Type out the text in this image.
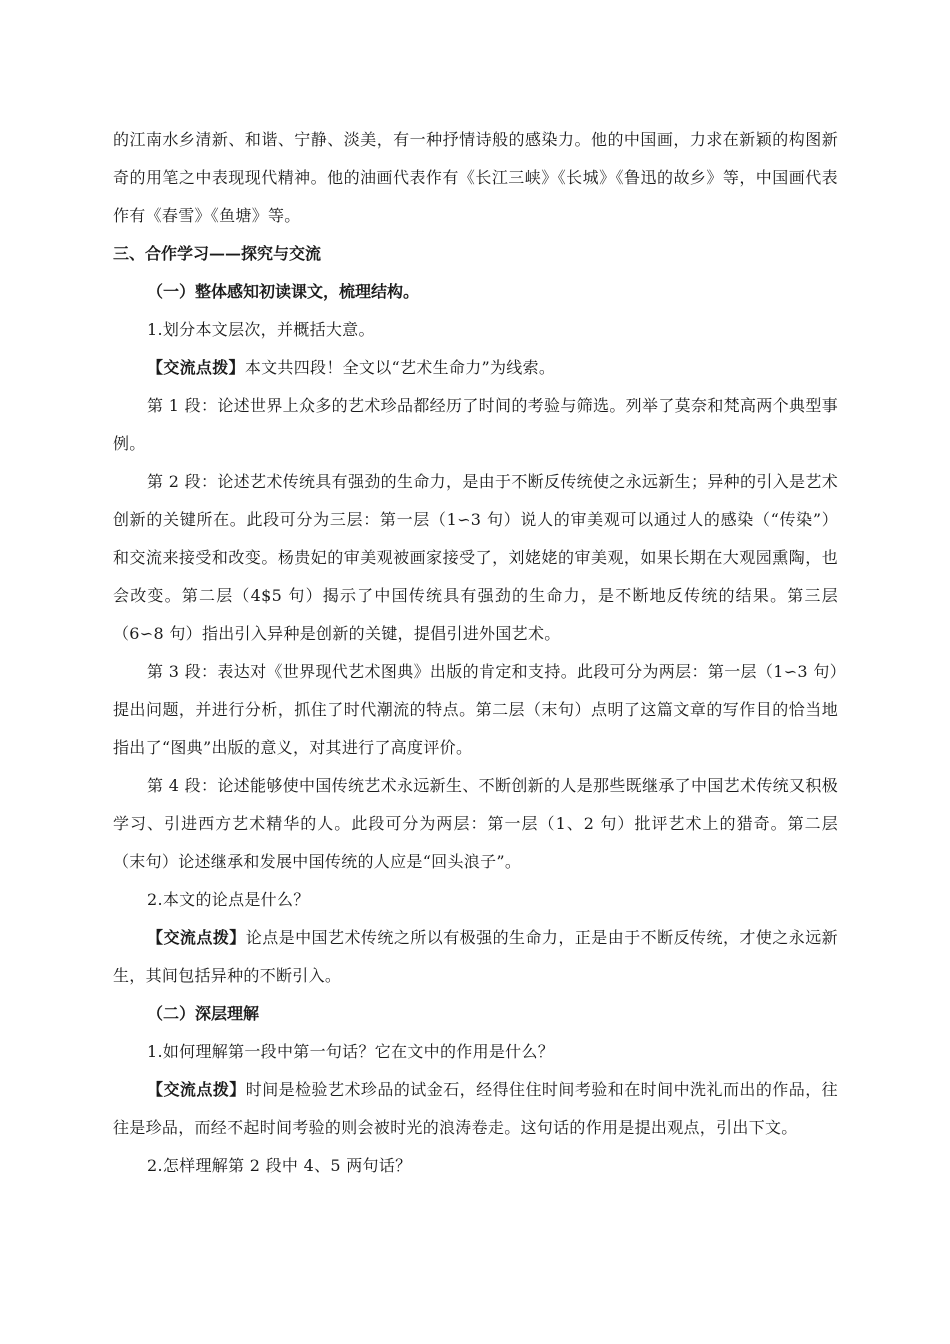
的江南水乡清新、和谐、宁静、淡美，有一种抒情诗般的感染力。他的中国画，力求在新颖的构图新奇的用笔之中表现现代精神。他的油画代表作有《长江三峡》《长城》《鲁迅的故乡》等，中国画代表作有《春雪》《鱼塘》等。

三、合作学习——探究与交流

（一）整体感知初读课文，梳理结构。

1.划分本文层次，并概括大意。

【交流点拨】本文共四段！全文以“艺术生命力”为线索。

第 1 段：论述世界上众多的艺术珍品都经历了时间的考验与筛选。列举了莫奈和梵高两个典型事例。

第 2 段：论述艺术传统具有强劲的生命力，是由于不断反传统使之永远新生；异种的引入是艺术创新的关键所在。此段可分为三层：第一层（1∽3 句）说人的审美观可以通过人的感染（“传染”）和交流来接受和改变。杨贵妃的审美观被画家接受了，刘姥姥的审美观，如果长期在大观园熏陶，也会改变。第二层（4$5 句）揭示了中国传统具有强劲的生命力，是不断地反传统的结果。第三层（6∽8 句）指出引入异种是创新的关键，提倡引进外国艺术。

第 3 段：表达对《世界现代艺术图典》出版的肯定和支持。此段可分为两层：第一层（1∽3 句）提出问题，并进行分析，抓住了时代潮流的特点。第二层（末句）点明了这篇文章的写作目的恰当地指出了“图典”出版的意义，对其进行了高度评价。

第 4 段：论述能够使中国传统艺术永远新生、不断创新的人是那些既继承了中国艺术传统又积极学习、引进西方艺术精华的人。此段可分为两层：第一层（1、2 句）批评艺术上的猎奇。第二层（末句）论述继承和发展中国传统的人应是“回头浪子”。

2.本文的论点是什么？

【交流点拨】论点是中国艺术传统之所以有极强的生命力，正是由于不断反传统，才使之永远新生，其间包括异种的不断引入。

（二）深层理解

1.如何理解第一段中第一句话？它在文中的作用是什么？

【交流点拨】时间是检验艺术珍品的试金石，经得住住时间考验和在时间中洗礼而出的作品，往往是珍品，而经不起时间考验的则会被时光的浪涛卷走。这句话的作用是提出观点，引出下文。

2.怎样理解第 2 段中 4、5 两句话？
